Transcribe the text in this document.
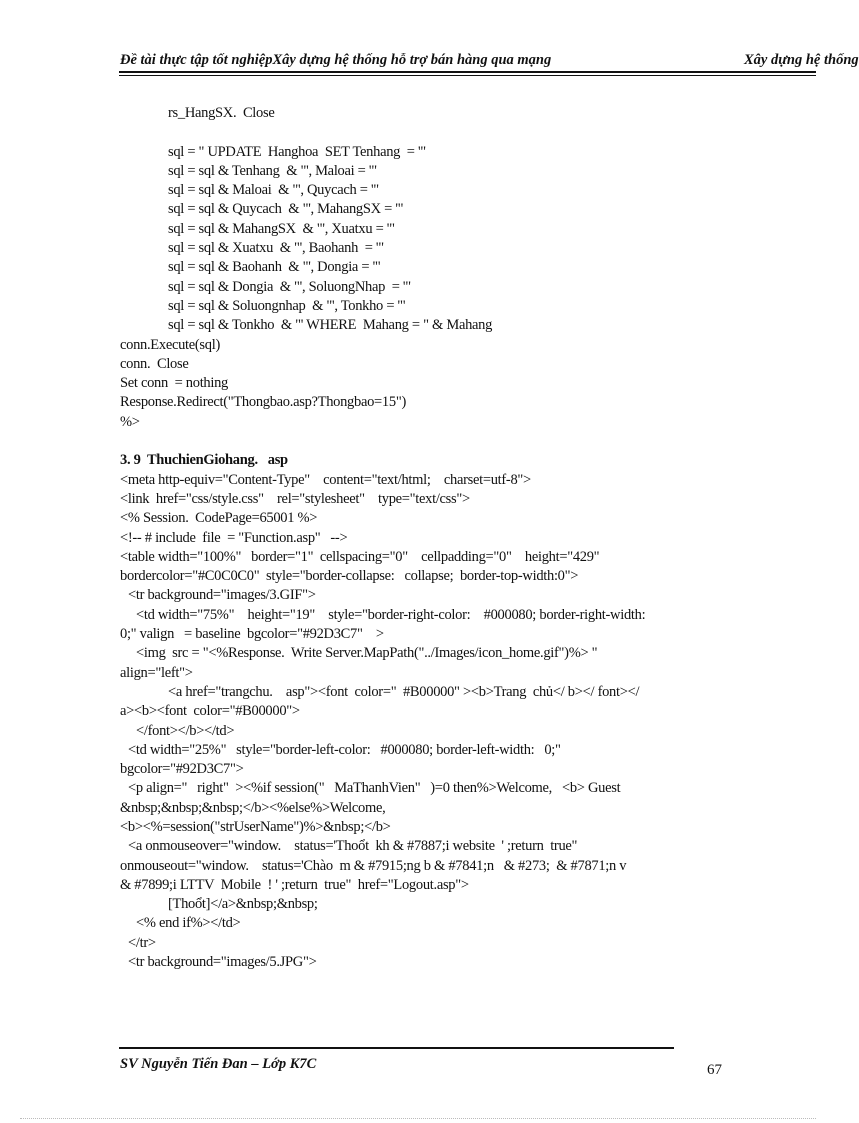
Đề tài thực tập tốt nghiệpXây dựng hệ thống hỗ trợ bán hàng qua mạng	Xây dựng hệ thống
rs_HangSX.  Close
sql = " UPDATE  Hanghoa  SET Tenhang  = '"
sql = sql & Tenhang  & "', Maloai = '"
sql = sql & Maloai  & "', Quycach = '"
sql = sql & Quycach  & "', MahangSX = '"
sql = sql & MahangSX  & "', Xuatxu = '"
sql = sql & Xuatxu  & "', Baohanh  = '"
sql = sql & Baohanh  & "', Dongia = '"
sql = sql & Dongia  & "', SoluongNhap  = '"
sql = sql & Soluongnhap  & "', Tonkho = '"
sql = sql & Tonkho  & "' WHERE  Mahang = " & Mahang
conn.Execute(sql)
conn.  Close
Set conn  = nothing
Response.Redirect("Thongbao.asp?Thongbao=15")
%>
3. 9  ThuchienGiohang.   asp
<meta http-equiv="Content-Type"    content="text/html;    charset=utf-8">
<link  href="css/style.css"    rel="stylesheet"    type="text/css">
<% Session.  CodePage=65001 %>
<!-- # include  file  = "Function.asp"   -->
<table width="100%"   border="1"  cellspacing="0"    cellpadding="0"    height="429"
bordercolor="#C0C0C0"  style="border-collapse:   collapse;  border-top-width:0">
<tr background="images/3.GIF">
<td width="75%"    height="19"    style="border-right-color:    #000080; border-right-width:
0;" valign   = baseline  bgcolor="#92D3C7"    >
<img  src = "<%Response.  Write Server.MapPath("../Images/icon_home.gif")%> "
align="left">
<a href="trangchu.    asp"><font  color="  #B00000" ><b>Trang  chủ</ b></ font></
a><b><font  color="#B00000">
</font></b></td>
<td width="25%"   style="border-left-color:   #000080; border-left-width:   0;"
bgcolor="#92D3C7">
<p align="   right"  ><%if session("   MaThanhVien"   )=0 then%>Welcome,   <b> Guest
&nbsp;&nbsp;&nbsp;</b><%else%>Welcome,
<b><%=session("strUserName")%>&nbsp;</b>
<a onmouseover="window.    status='Thoổt  kh & #7887;i website  ' ;return  true"
onmouseout="window.    status='Chào  m & #7915;ng b & #7841;n   & #273;  & #7871;n v
& #7899;i LTTV  Mobile  ! ' ;return  true"  href="Logout.asp">
[Thoổt]</a>&nbsp;&nbsp;
<% end if%></td>
</tr>
<tr background="images/5.JPG">
SV Nguyễn Tiến Đan – Lớp K7C	67
